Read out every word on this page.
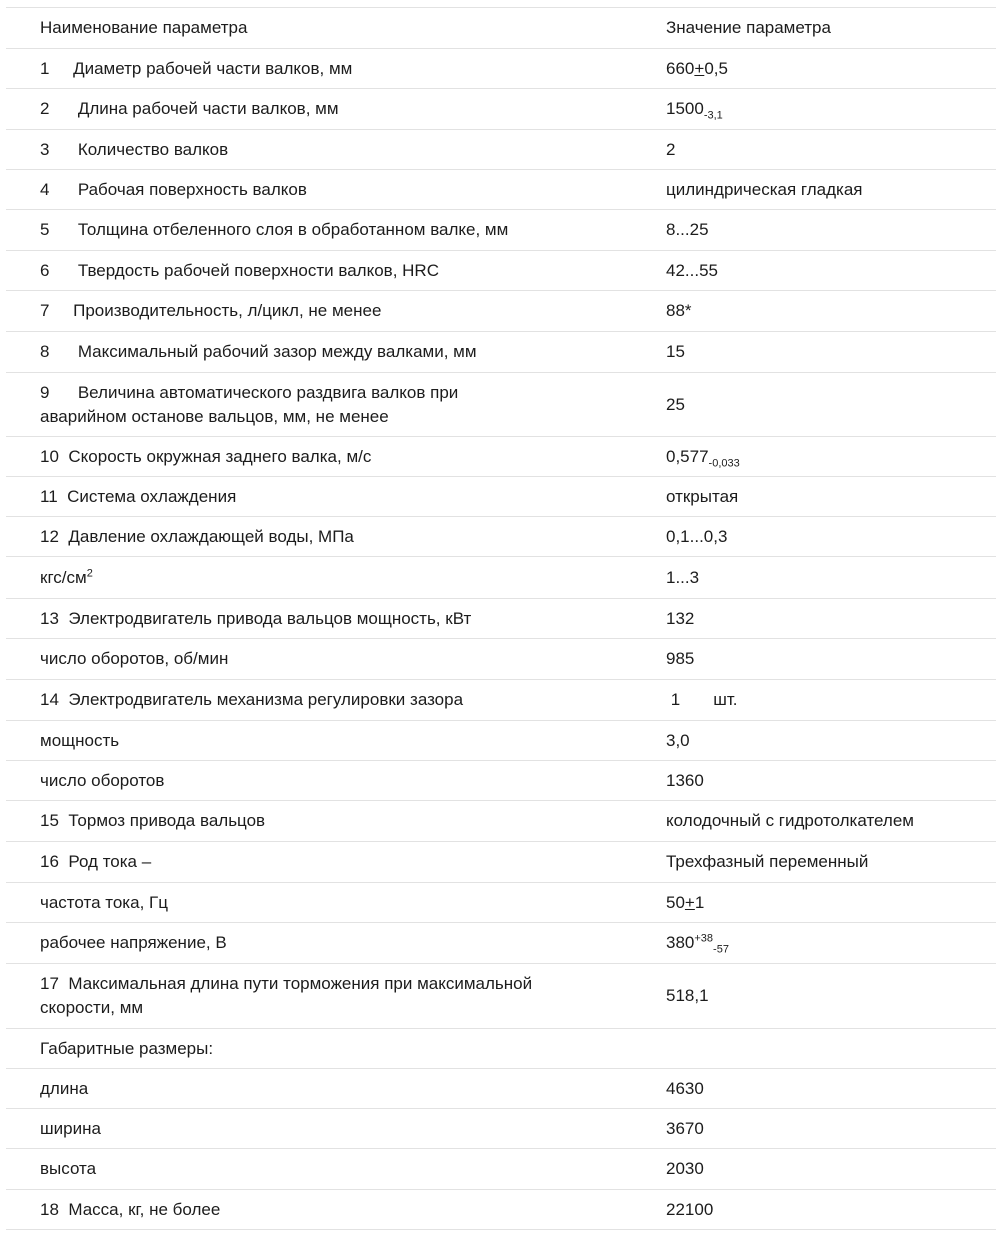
Наименование параметра	Значение параметра
1 Диаметр рабочей части валков, мм	660+0,5
2 Длина рабочей части валков, мм	$1500_{-3,1}$
3 Количество валков	2
4 Рабочая поверхность валков	цилиндрическая гладкая
5 Толщина отбеленного слоя в обработанном валке, мм	8...25
6 Твердость рабочей поверхности валков, HRC	42...55
7 Производительность, л/цикл, не менее	88*
8 Максимальный рабочий зазор между валками, мм	15
9 Величина автоматического раздвига валков при
аварийном останове вальцов, мм, не менее	25
10 Скорость окружная заднего валка, м/с	$0,577_{-0,033}$
11 Система охлаждения	открытая
12 Давление охлаждающей воды, МПа	0,1...0,3
кгс/$см^2$	1...3
13 Электродвигатель привода вальцов мощность, кВт	132
число оборотов, об/мин	985
14 Электродвигатель механизма регулировки зазора	1 шт.
мощность	3,0
число оборотов	1360
15 Тормоз привода вальцов	колодочный с гидротолкателем
16 Род тока –	Трехфазный переменный
частота тока, Гц	50+1
рабочее напряжение, В	$380^{+38}_{-57}$
17 Максимальная длина пути торможения при максимальной
скорости, мм	518,1
Габаритные размеры:	
длина	4630
ширина	3670
высота	2030
18 Масса, кг, не более	22100
